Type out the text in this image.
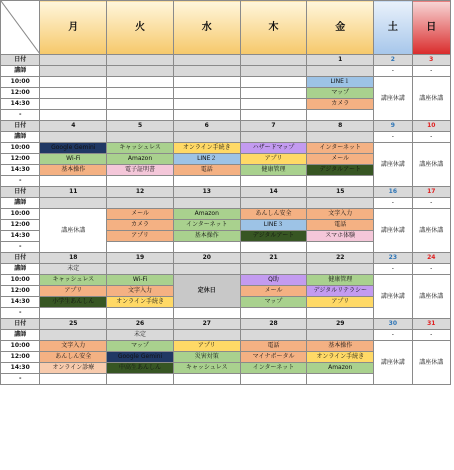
	月	火	水	木	金	土	日
日付					1	2	3
講師						-	-
10:00					LINE１	講座休講	講座休講
12:00					マップ		
14:30					カメラ		
-							
日付	4	5	6	7	8	9	10
講師						-	-
10:00	Google Gemini	キャッシュレス	オンライン手続き	ハザードマップ	インターネット	講座休講	講座休講
12:00	Wi-Fi	Amazon	LINE２	アプリ	メール		
14:30	基本操作	電子証明書	電話	健康管理	デジタルアート		
-							
日付	11	12	13	14	15	16	17
講師						-	-
10:00	講座休講	メール	Amazon	あんしん安全	文字入力	講座休講	講座休講
12:00		カメラ	インターネット	LINE３	電話		
14:30		アプリ	基本操作	デジタルアート	スマホ体験		
-							
日付	18	19	20	21	22	23	24
講師	未定					-	-
10:00	キャッシュレス	Wi-Fi	定休日	Q助	健康管理	講座休講	講座休講
12:00	アプリ	文字入力		メール	デジタルリテラシー		
14:30	小学生あんしん	オンライン手続き		マップ	アプリ		
-							
日付	25	26	27	28	29	30	31
講師		未定				-	-
10:00	文字入力	マップ	アプリ	電話	基本操作	講座休講	講座休講
12:00	あんしん安全	Google Gemini	災害対策	マイナポータル	オンライン手続き		
14:30	オンライン診療	中高生あんしん	キャッシュレス	インターネット	Amazon		
-							
